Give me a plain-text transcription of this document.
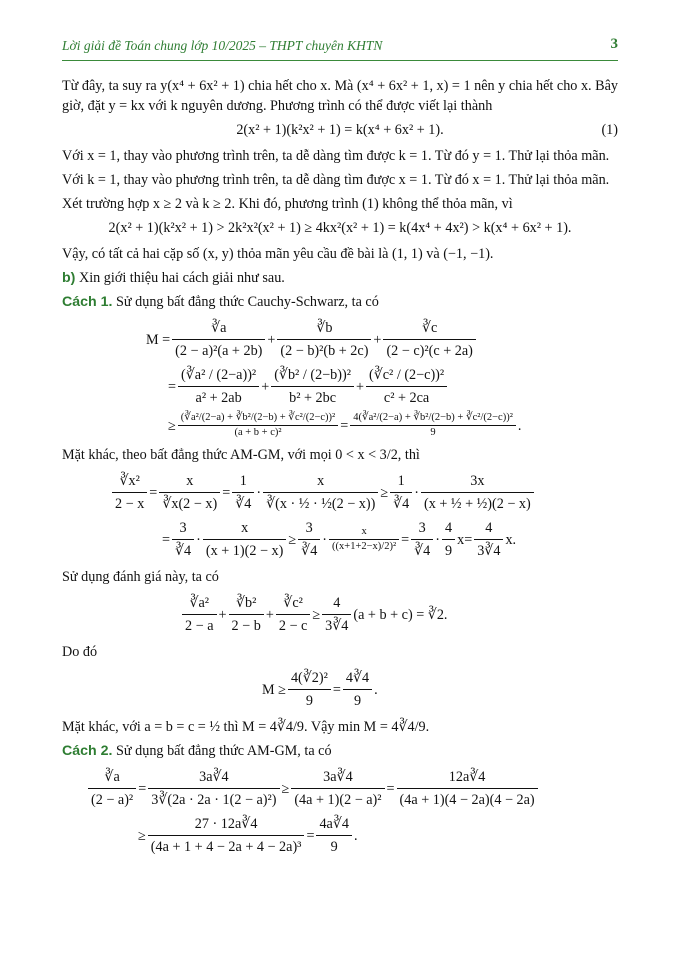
Lời giải đề Toán chung lớp 10/2025 – THPT chuyên KHTN	3

Từ đây, ta suy ra y(x⁴ + 6x² + 1) chia hết cho x. Mà (x⁴ + 6x² + 1, x) = 1 nên y chia hết cho x. Bây giờ, đặt y = kx với k nguyên dương. Phương trình có thể được viết lại thành

2(x² + 1)(k²x² + 1) = k(x⁴ + 6x² + 1).	(1)

Với x = 1, thay vào phương trình trên, ta dễ dàng tìm được k = 1. Từ đó y = 1. Thử lại thỏa mãn.

Với k = 1, thay vào phương trình trên, ta dễ dàng tìm được x = 1. Từ đó x = 1. Thử lại thỏa mãn.

Xét trường hợp x ≥ 2 và k ≥ 2. Khi đó, phương trình (1) không thể thỏa mãn, vì

2(x² + 1)(k²x² + 1) > 2k²x²(x² + 1) ≥ 4kx²(x² + 1) = k(4x⁴ + 4x²) > k(x⁴ + 6x² + 1).

Vậy, có tất cả hai cặp số (x, y) thỏa mãn yêu cầu đề bài là (1, 1) và (−1, −1).

b) Xin giới thiệu hai cách giải như sau.

Cách 1. Sử dụng bất đẳng thức Cauchy-Schwarz, ta có

$M = \frac{∛a}{\text{(2 − a)²(a + 2b)}} + \frac{∛b}{\text{(2 − b)²(b + 2c)}} + \frac{∛c}{\text{(2 − c)²(c + 2a)}}$
= $\frac{\text{(∛a² / (2−a))²}}{\text{a² + 2ab}} + \frac{\text{(∛b² / (2−b))²}}{\text{b² + 2bc}} + \frac{\text{(∛c² / (2−c))²}}{\text{c² + 2ca}}$
≥ $\frac{\text{(∛a²/(2−a) + ∛b²/(2−b) + ∛c²/(2−c))²}}{\text{(a + b + c)²}} = \frac{\text{4(∛a²/(2−a) + ∛b²/(2−b) + ∛c²/(2−c))²}}{9}$ .

Mặt khác, theo bất đẳng thức AM-GM, với mọi 0 < x < 3/2, thì

$\frac{\text{∛x²}}{2 - x} = \frac{x}{∛x(2 - x)} = \frac{1}{∛4} \cdot \frac{x}{\text{∛(x · ½ · ½(2 − x))}} \ge \frac{1}{∛4} \cdot \frac{3x}{\text{(x + ½ + ½)(2 − x)}}$
= $\frac{3}{∛4} \cdot \frac{x}{(x + 1)(2 - x)} \ge \frac{3}{∛4} \cdot \frac{x}{\text{((x+1+2−x)/2)²}} = \frac{3}{∛4} \cdot \frac{4}{9}$ $x = \frac{4}{3∛4} x$.

Sử dụng đánh giá này, ta có

$\frac{\text{∛a²}}{2 - a} + \frac{\text{∛b²}}{2 - b} + \frac{\text{∛c²}}{2 - c} \ge \frac{4}{3∛4} (a + b + c)$ = ∛2.

Do đó

$M \ge \frac{\text{4(∛2)²}}{9} = \frac{4∛4}{9}$ .

Mặt khác, với a = b = c = ½ thì M = 4∛4/9. Vậy min M = 4∛4/9.

Cách 2. Sử dụng bất đẳng thức AM-GM, ta có

$\frac{∛a}{\text{(2 − a)²}} = \frac{3a∛4}{\text{3∛(2a · 2a · 1(2 − a)²)}} \ge \frac{3a∛4}{\text{(4a + 1)(2 − a)²}} = \frac{12a∛4}{(4a + 1)(4 - 2a)(4 - 2a)}$
≥ $\frac{27 \cdot 12a∛4}{\text{(4a + 1 + 4 − 2a + 4 − 2a)³}} = \frac{4a∛4}{9}$ .
